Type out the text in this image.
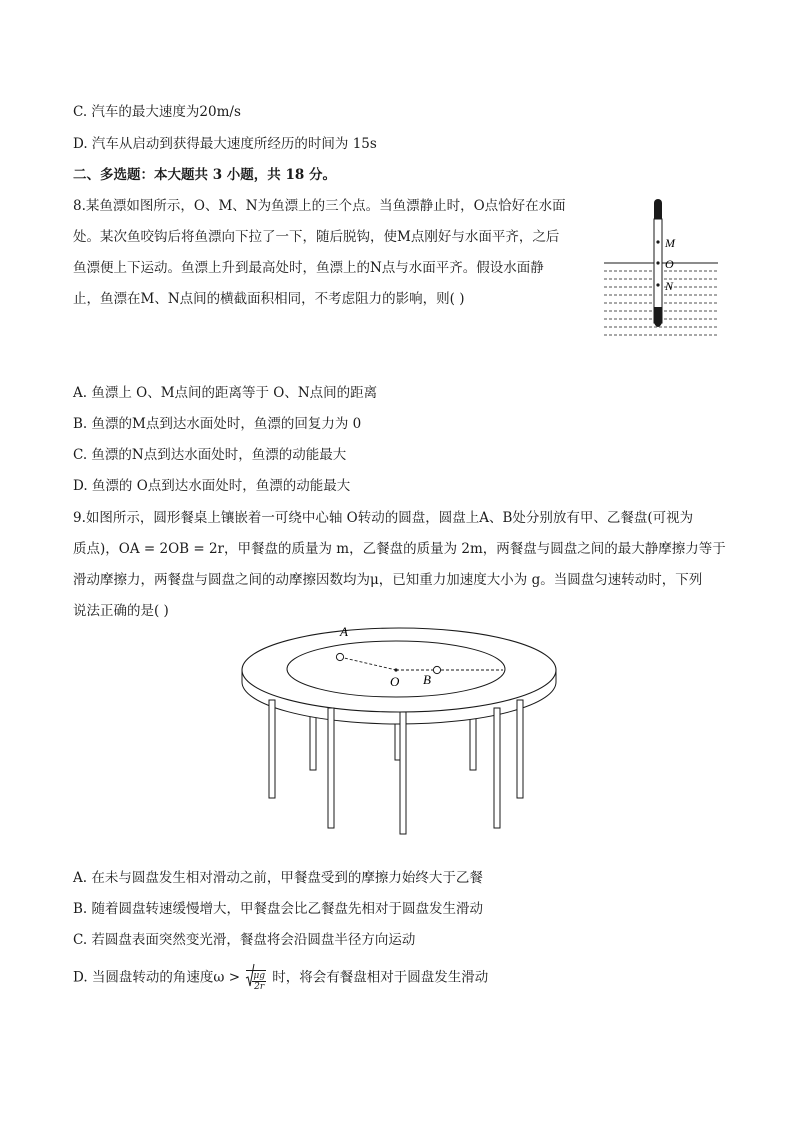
C. 汽车的最大速度为20m/s
D. 汽车从启动到获得最大速度所经历的时间为 15s
二、多选题：本大题共 3 小题，共 18 分。
8.某鱼漂如图所示，O、M、N为鱼漂上的三个点。当鱼漂静止时，O点恰好在水面
处。某次鱼咬钩后将鱼漂向下拉了一下，随后脱钩，使M点刚好与水面平齐，之后
鱼漂便上下运动。鱼漂上升到最高处时，鱼漂上的N点与水面平齐。假设水面静
止，鱼漂在M、N点间的横截面积相同，不考虑阻力的影响，则( )
M
O
N
A. 鱼漂上 O、M点间的距离等于 O、N点间的距离
B. 鱼漂的M点到达水面处时，鱼漂的回复力为 0
C. 鱼漂的N点到达水面处时，鱼漂的动能最大
D. 鱼漂的 O点到达水面处时，鱼漂的动能最大
9.如图所示，圆形餐桌上镶嵌着一可绕中心轴 O转动的圆盘，圆盘上A、B处分别放有甲、乙餐盘(可视为
质点)，OA = 2OB = 2r，甲餐盘的质量为 m，乙餐盘的质量为 2m，两餐盘与圆盘之间的最大静摩擦力等于
滑动摩擦力，两餐盘与圆盘之间的动摩擦因数均为μ，已知重力加速度大小为 g。当圆盘匀速转动时，下列
说法正确的是( )
A
O B
A. 在未与圆盘发生相对滑动之前，甲餐盘受到的摩擦力始终大于乙餐
B. 随着圆盘转速缓慢增大，甲餐盘会比乙餐盘先相对于圆盘发生滑动
C. 若圆盘表面突然变光滑，餐盘将会沿圆盘半径方向运动
D. 当圆盘转动的角速度$\omega > \frac{\mu g}{2r}$ 时，将会有餐盘相对于圆盘发生滑动
